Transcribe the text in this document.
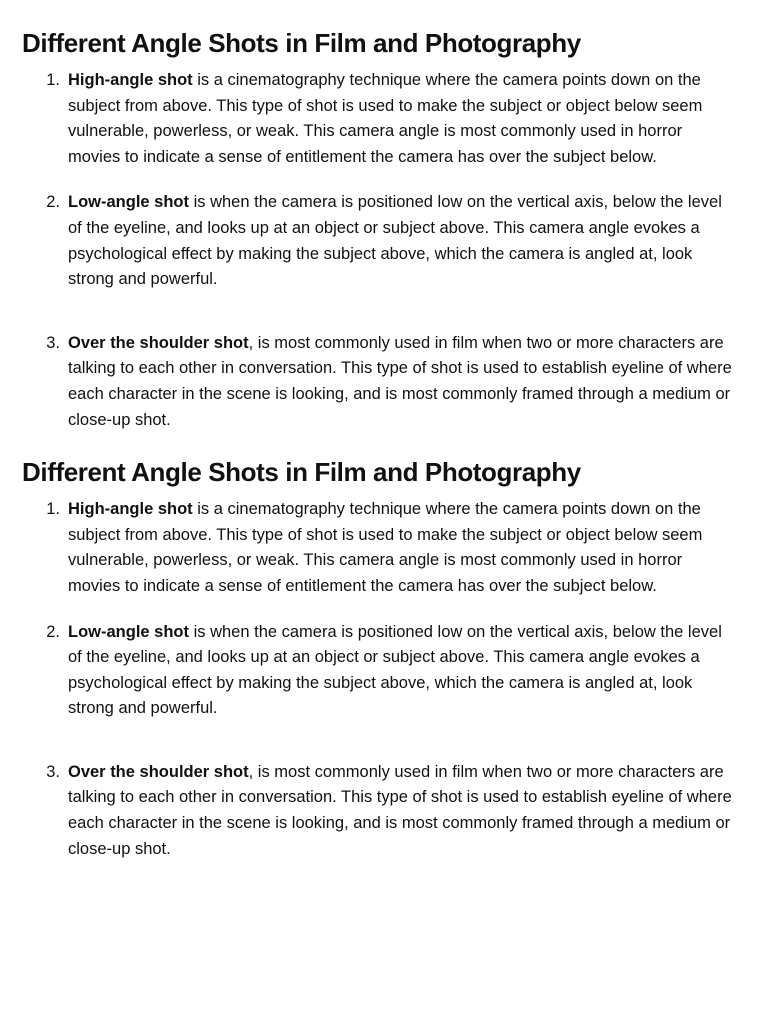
Different Angle Shots in Film and Photography
1. High-angle shot is a cinematography technique where the camera points down on the subject from above. This type of shot is used to make the subject or object below seem vulnerable, powerless, or weak. This camera angle is most commonly used in horror movies to indicate a sense of entitlement the camera has over the subject below.
2. Low-angle shot is when the camera is positioned low on the vertical axis, below the level of the eyeline, and looks up at an object or subject above. This camera angle evokes a psychological effect by making the subject above, which the camera is angled at, look strong and powerful.
3. Over the shoulder shot, is most commonly used in film when two or more characters are talking to each other in conversation. This type of shot is used to establish eyeline of where each character in the scene is looking, and is most commonly framed through a medium or close-up shot.
Different Angle Shots in Film and Photography
1. High-angle shot is a cinematography technique where the camera points down on the subject from above. This type of shot is used to make the subject or object below seem vulnerable, powerless, or weak. This camera angle is most commonly used in horror movies to indicate a sense of entitlement the camera has over the subject below.
2. Low-angle shot is when the camera is positioned low on the vertical axis, below the level of the eyeline, and looks up at an object or subject above. This camera angle evokes a psychological effect by making the subject above, which the camera is angled at, look strong and powerful.
3. Over the shoulder shot, is most commonly used in film when two or more characters are talking to each other in conversation. This type of shot is used to establish eyeline of where each character in the scene is looking, and is most commonly framed through a medium or close-up shot.
